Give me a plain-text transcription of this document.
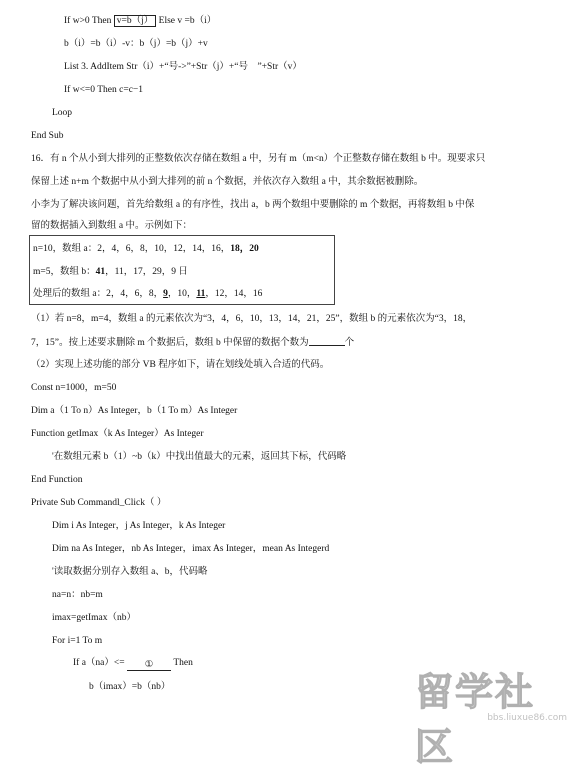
If w>0 Then v=b（j） Else v =b（i）
b（i）=b（i）-v：b（j）=b（j）+v
List 3. AddItem Str（i）+“号->”+Str（j）+“号　”+Str（v）
If w<=0 Then c=c−1
Loop
End Sub
16．有 n 个从小到大排列的正整数依次存储在数组 a 中，另有 m（m<n）个正整数存储在数组 b 中。现要求只
保留上述 n+m 个数据中从小到大排列的前 n 个数据，并依次存入数组 a 中，其余数据被删除。
小李为了解决该问题，首先给数组 a 的有序性，找出 a，b 两个数组中要删除的 m 个数据，再将数组 b 中保
留的数据插入到数组 a 中。示例如下：
n=10，数组 a：2，4，6，8，10，12，14，16，18，20
m=5，数组 b：41，11，17，29，9 日
处理后的数组 a：2，4，6，8，9，10，11，12，14，16
（1）若 n=8，m=4，数组 a 的元素依次为“3，4，6，10，13，14，21，25”，数组 b 的元素依次为“3，18，
7，15”。按上述要求删除 m 个数据后，数组 b 中保留的数据个数为	个
（2）实现上述功能的部分 VB 程序如下，请在划线处填入合适的代码。
Const n=1000，m=50
Dim a（1 To n）As Integer，b（1 To m）As Integer
Function getImax（k As Integer）As Integer
'在数组元素 b（1）~b（k）中找出值最大的元素，返回其下标，代码略
End Function
Private Sub Commandl_Click（ ）
Dim i As Integer，j As Integer，k As Integer
Dim na As Integer，nb As Integer，imax As Integer，mean As Integerd
'读取数据分别存入数组 a、b，代码略
na=n：nb=m
imax=getImax（nb）
For i=1 To m
If a（na）<= ① Then
b（imax）=b（nb）	留学社区
bbs.liuxue86.com
